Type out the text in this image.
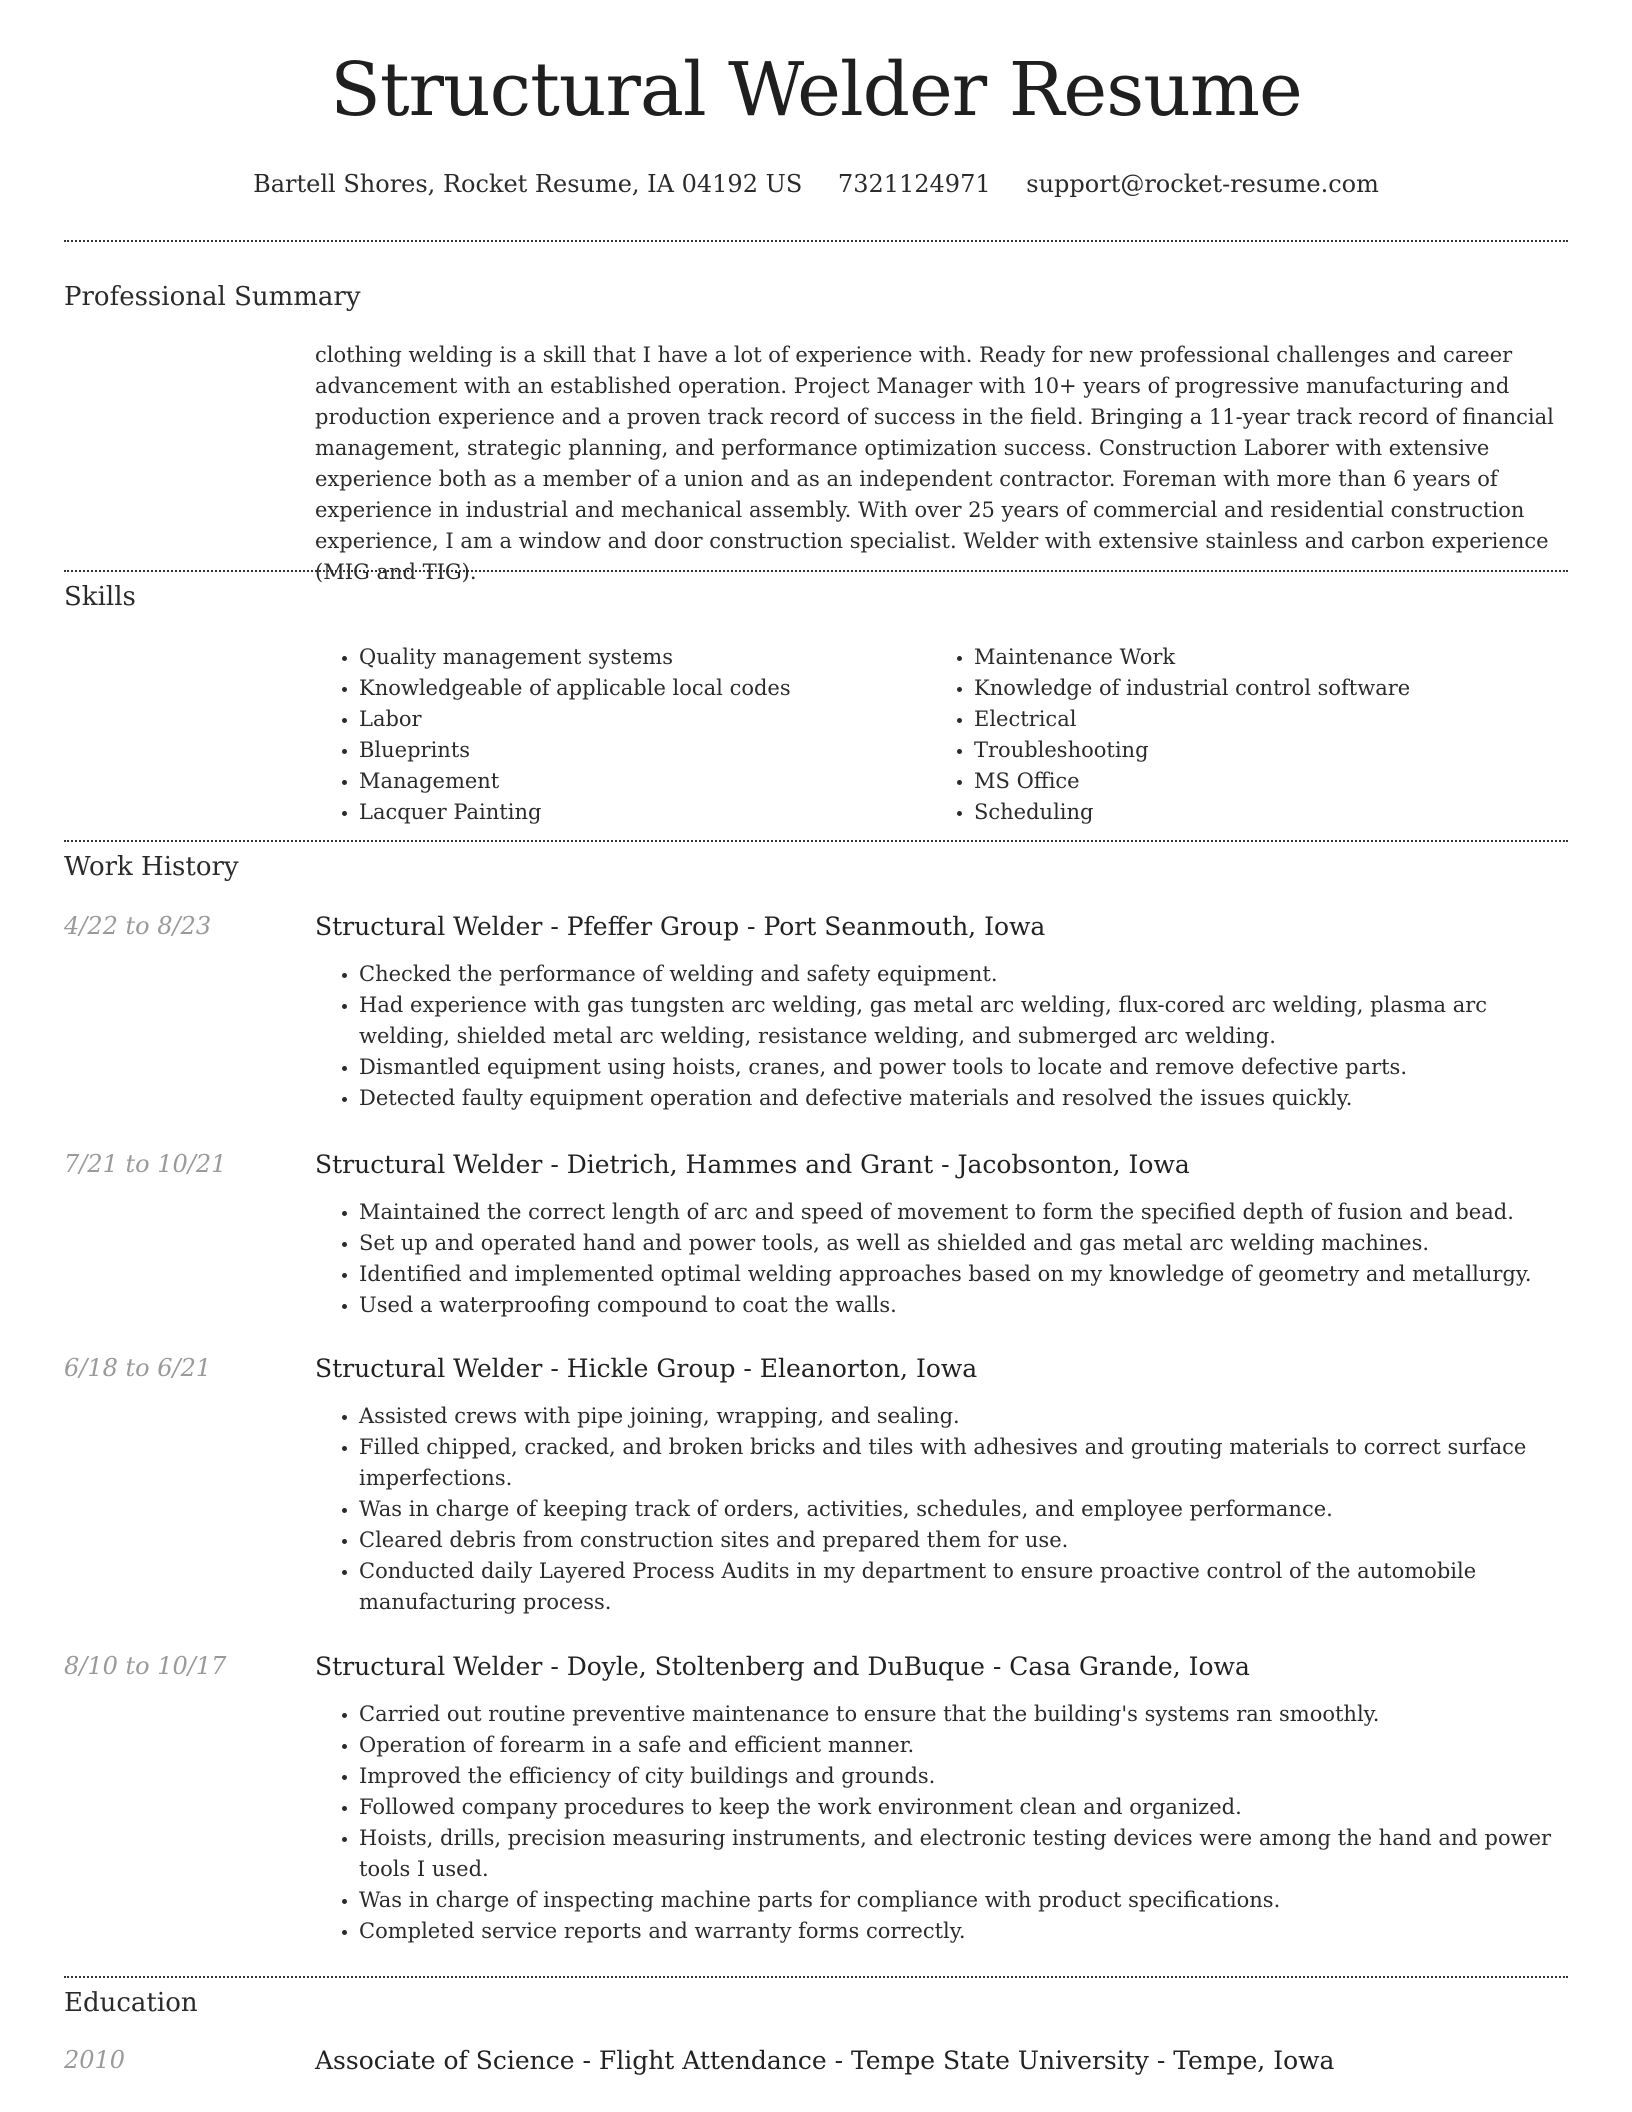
Structural Welder Resume
Bartell Shores, Rocket Resume, IA 04192 US 7321124971 support@rocket-resume.com
Professional Summary

clothing welding is a skill that I have a lot of experience with. Ready for new professional challenges and career advancement with an established operation. Project Manager with 10+ years of progressive manufacturing and production experience and a proven track record of success in the field. Bringing a 11-year track record of financial management, strategic planning, and performance optimization success. Construction Laborer with extensive experience both as a member of a union and as an independent contractor. Foreman with more than 6 years of experience in industrial and mechanical assembly. With over 25 years of commercial and residential construction experience, I am a window and door construction specialist. Welder with extensive stainless and carbon experience (MIG and TIG).

Skills
• Quality management systems
• Knowledgeable of applicable local codes
• Labor
• Blueprints
• Management
• Lacquer Painting
• Maintenance Work
• Knowledge of industrial control software
• Electrical
• Troubleshooting
• MS Office
• Scheduling
Work History
4/22 to 8/23	Structural Welder - Pfeffer Group - Port Seanmouth, Iowa
• Checked the performance of welding and safety equipment.
• Had experience with gas tungsten arc welding, gas metal arc welding, flux-cored arc welding, plasma arc welding, shielded metal arc welding, resistance welding, and submerged arc welding.
• Dismantled equipment using hoists, cranes, and power tools to locate and remove defective parts.
• Detected faulty equipment operation and defective materials and resolved the issues quickly.
7/21 to 10/21	Structural Welder - Dietrich, Hammes and Grant - Jacobsonton, Iowa
• Maintained the correct length of arc and speed of movement to form the specified depth of fusion and bead.
• Set up and operated hand and power tools, as well as shielded and gas metal arc welding machines.
• Identified and implemented optimal welding approaches based on my knowledge of geometry and metallurgy.
• Used a waterproofing compound to coat the walls.
6/18 to 6/21	Structural Welder - Hickle Group - Eleanorton, Iowa
• Assisted crews with pipe joining, wrapping, and sealing.
• Filled chipped, cracked, and broken bricks and tiles with adhesives and grouting materials to correct surface imperfections.
• Was in charge of keeping track of orders, activities, schedules, and employee performance.
• Cleared debris from construction sites and prepared them for use.
• Conducted daily Layered Process Audits in my department to ensure proactive control of the automobile manufacturing process.
8/10 to 10/17	Structural Welder - Doyle, Stoltenberg and DuBuque - Casa Grande, Iowa
• Carried out routine preventive maintenance to ensure that the building's systems ran smoothly.
• Operation of forearm in a safe and efficient manner.
• Improved the efficiency of city buildings and grounds.
• Followed company procedures to keep the work environment clean and organized.
• Hoists, drills, precision measuring instruments, and electronic testing devices were among the hand and power tools I used.
• Was in charge of inspecting machine parts for compliance with product specifications.
• Completed service reports and warranty forms correctly.
Education
2010	Associate of Science - Flight Attendance - Tempe State University - Tempe, Iowa
